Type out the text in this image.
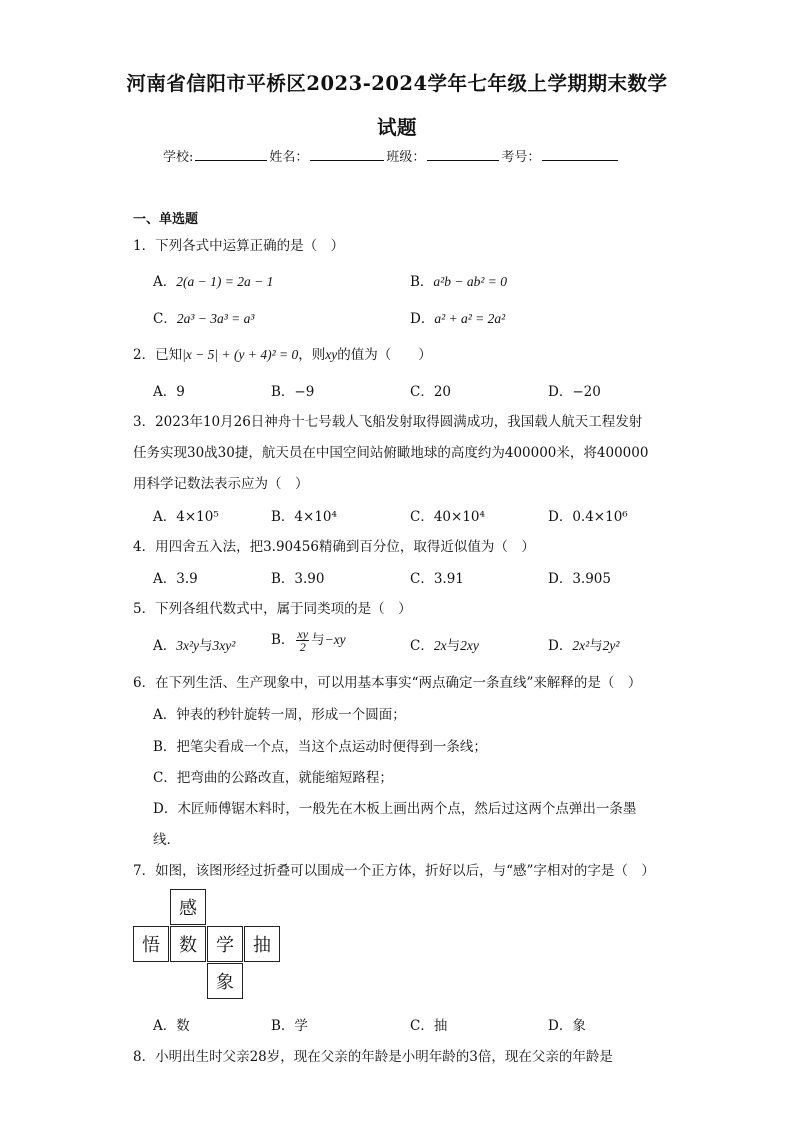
河南省信阳市平桥区2023-2024学年七年级上学期期末数学
试题
学校:	姓名：	班级：	考号：
一、单选题
1．下列各式中运算正确的是（　）
A．2(a − 1) = 2a − 1	B．a²b − ab² = 0
C．2a³ − 3a³ = a³	D．a² + a² = 2a²
2．已知|x − 5| + (y + 4)² = 0，则xy的值为（　　）
A．9	B．−9	C．20	D．−20
3．2023年10月26日神舟十七号载人飞船发射取得圆满成功，我国载人航天工程发射
任务实现30战30捷，航天员在中国空间站俯瞰地球的高度约为400000米，将400000
用科学记数法表示应为（　）
A．4×10⁵	B．4×10⁴	C．40×10⁴	D．0.4×10⁶
4．用四舍五入法，把3.90456精确到百分位，取得近似值为（　）
A．3.9	B．3.90	C．3.91	D．3.905
5．下列各组代数式中，属于同类项的是（　）
A．3x²y与3xy²	B． $\frac{xy}{2}$ 与−xy	C．2x与2xy	D．2x²与2y²
6．在下列生活、生产现象中，可以用基本事实“两点确定一条直线”来解释的是（　）
A．钟表的秒针旋转一周，形成一个圆面；
B．把笔尖看成一个点，当这个点运动时便得到一条线；
C．把弯曲的公路改直，就能缩短路程；
D．木匠师傅锯木料时，一般先在木板上画出两个点，然后过这两个点弹出一条墨
线．
7．如图，该图形经过折叠可以围成一个正方体，折好以后，与“感”字相对的字是（　）
感
悟	数	学	抽
象
A．数	B．学	C．抽	D．象
8．小明出生时父亲28岁，现在父亲的年龄是小明年龄的3倍，现在父亲的年龄是
